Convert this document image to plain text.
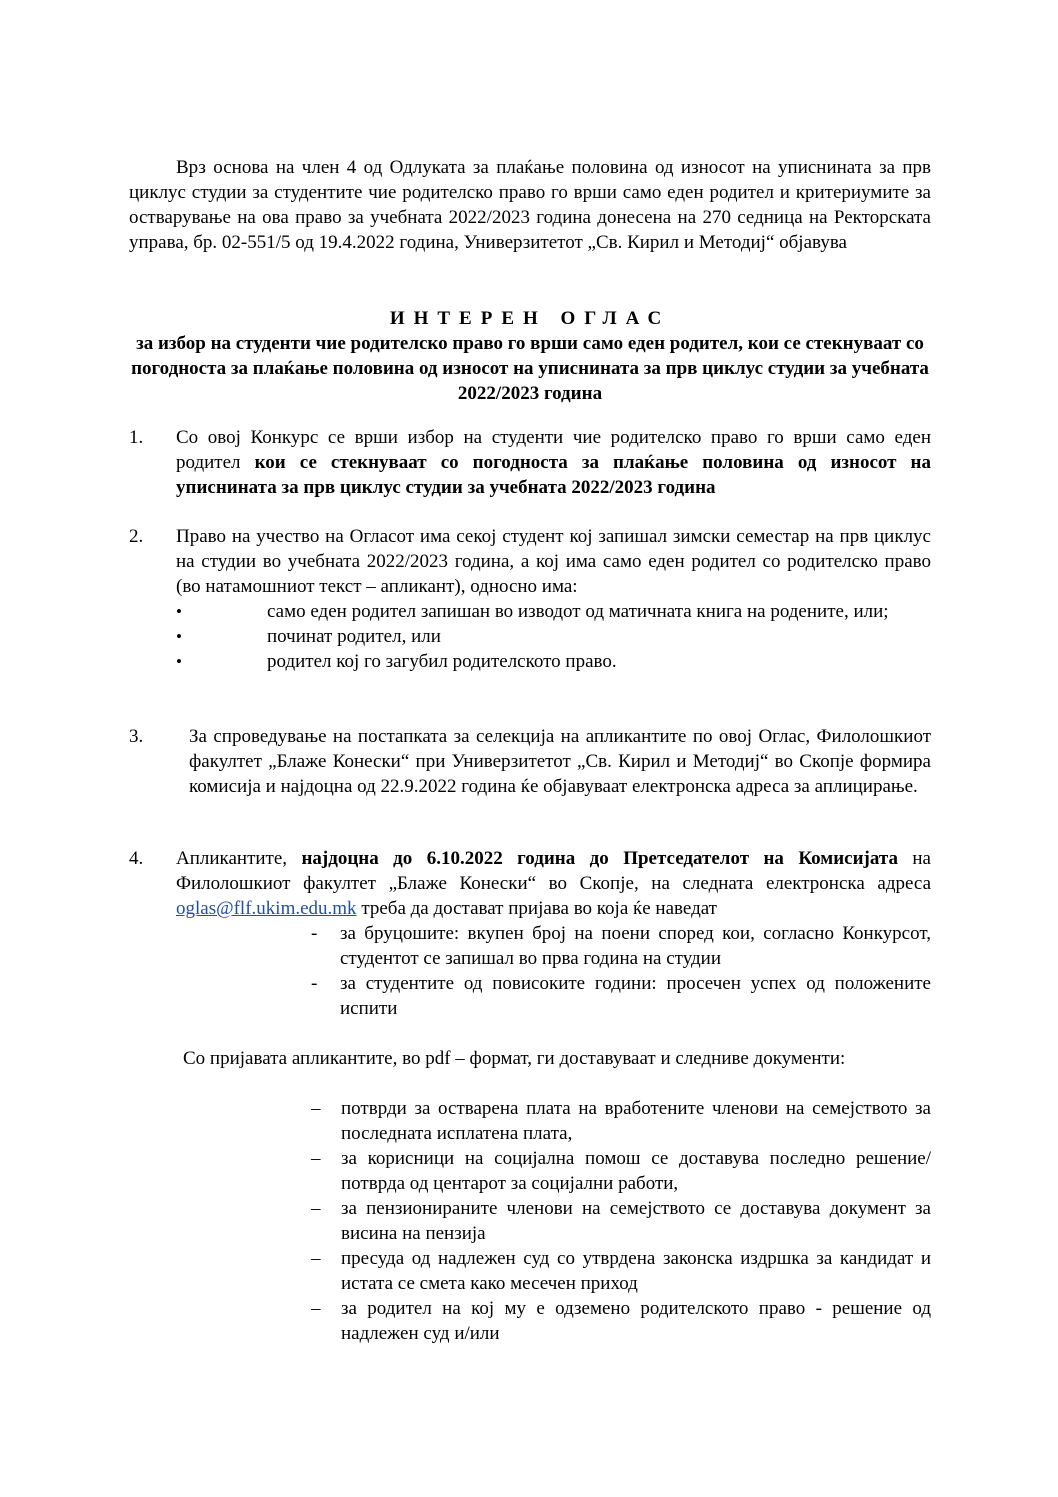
Врз основа на член 4 од Одлуката за плаќање половина од износот на уписнината за прв циклус студии за студентите чие родителско право го врши само еден родител и критериумите за остварување на ова право за учебната 2022/2023 година донесена на 270 седница на Ректорската управа, бр. 02-551/5 од 19.4.2022 година, Универзитетот „Св. Кирил и Методиј“ објавува
ИНТЕРЕН ОГЛАС
за избор на студенти чие родителско право го врши само еден родител, кои се стекнуваат со погодноста за плаќање половина од износот на уписнината за прв циклус студии за учебната 2022/2023 година
1. Со овој Конкурс се врши избор на студенти чие родителско право го врши само еден родител кои се стекнуваат со погодноста за плаќање половина од износот на уписнината за прв циклус студии за учебната 2022/2023 година
2. Право на учество на Огласот има секој студент кој запишал зимски семестар на прв циклус на студии во учебната 2022/2023 година, а кој има само еден родител со родителско право (во натамошниот текст – апликант), односно има:
•	само еден родител запишан во изводот од матичната книга на родените, или;
•	починат родител, или
•	родител кој го загубил родителското право.
3. За спроведување на постапката за селекција на апликантите по овој Оглас, Филолошкиот факултет „Блаже Конески“ при Универзитетот „Св. Кирил и Методиј“ во Скопје формира комисија и најдоцна од 22.9.2022 година ќе објавуваат електронска адреса за аплицирање.
4. Апликантите, најдоцна до 6.10.2022 година до Претседателот на Комисијата на Филолошкиот факултет „Блаже Конески“ во Скопје, на следната електронска адреса oglas@flf.ukim.edu.mk треба да достават пријава во која ќе наведат
- за бруцошите: вкупен број на поени според кои, согласно Конкурсот, студентот се запишал во прва година на студии
- за студентите од повисоките години: просечен успех од положените испити
Со пријавата апликантите, во pdf – формат, ги доставуваат и следниве документи:
– потврди за остварена плата на вработените членови на семејството за последната исплатена плата,
– за корисници на социјална помош се доставува последно решение/потврда од центарот за социјални работи,
– за пензионираните членови на семејството се доставува документ за висина на пензија
– пресуда од надлежен суд со утврдена законска издршка за кандидат и истата се смета како месечен приход
– за родител на кој му е одземено родителското право - решение од надлежен суд и/или
